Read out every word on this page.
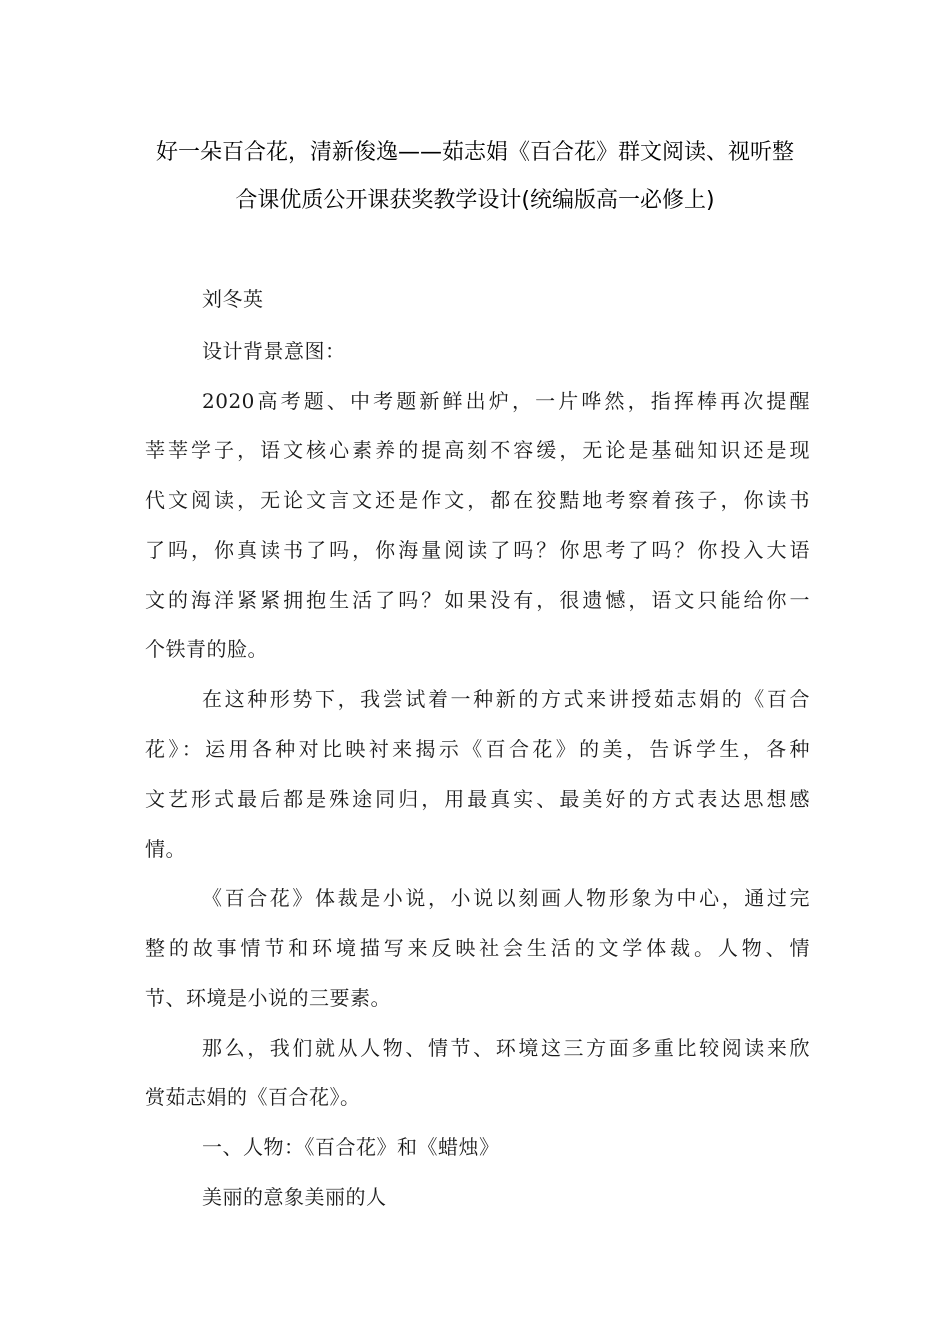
好一朵百合花，清新俊逸——茹志娟《百合花》群文阅读、视听整
合课优质公开课获奖教学设计(统编版高一必修上)
刘冬英
设计背景意图：
2020高考题、中考题新鲜出炉，一片哗然，指挥棒再次提醒
莘莘学子，语文核心素养的提高刻不容缓，无论是基础知识还是现
代文阅读，无论文言文还是作文，都在狡黠地考察着孩子，你读书
了吗，你真读书了吗，你海量阅读了吗？你思考了吗？你投入大语
文的海洋紧紧拥抱生活了吗？如果没有，很遗憾，语文只能给你一
个铁青的脸。
在这种形势下，我尝试着一种新的方式来讲授茹志娟的《百合
花》：运用各种对比映衬来揭示《百合花》的美，告诉学生，各种
文艺形式最后都是殊途同归，用最真实、最美好的方式表达思想感
情。
《百合花》体裁是小说，小说以刻画人物形象为中心，通过完
整的故事情节和环境描写来反映社会生活的文学体裁。人物、情
节、环境是小说的三要素。
那么，我们就从人物、情节、环境这三方面多重比较阅读来欣
赏茹志娟的《百合花》。
一、人物：《百合花》和《蜡烛》
美丽的意象美丽的人
